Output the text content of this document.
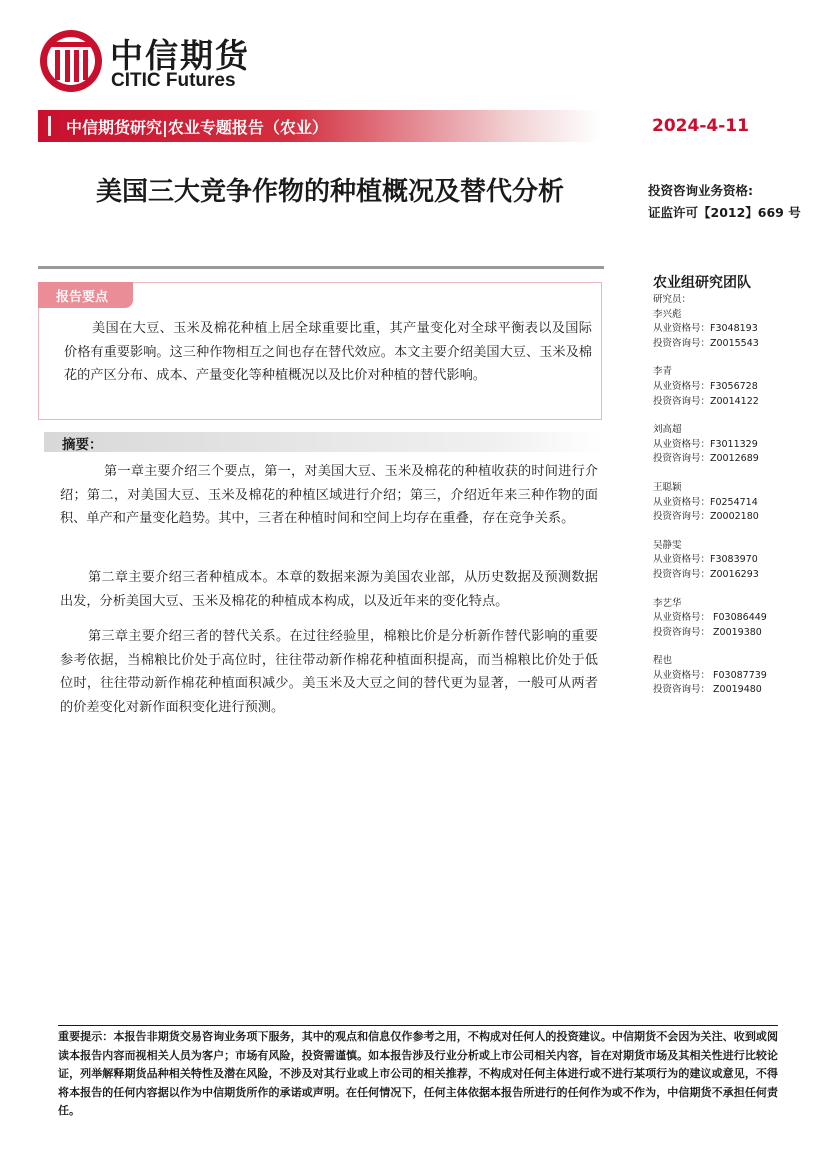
中信期货
CITIC Futures
中信期货研究|农业专题报告（农业）	2024-4-11
美国三大竞争作物的种植概况及替代分析	投资咨询业务资格:
证监许可【2012】669 号
农业组研究团队
报告要点

美国在大豆、玉米及棉花种植上居全球重要比重，其产量变化对全球平衡表以及国际价格有重要影响。这三种作物相互之间也存在替代效应。本文主要介绍美国大豆、玉米及棉花的产区分布、成本、产量变化等种植概况以及比价对种植的替代影响。

摘要：

第一章主要介绍三个要点，第一，对美国大豆、玉米及棉花的种植收获的时间进行介绍；第二，对美国大豆、玉米及棉花的种植区域进行介绍；第三，介绍近年来三种作物的面积、单产和产量变化趋势。其中，三者在种植时间和空间上均存在重叠，存在竞争关系。

第二章主要介绍三者种植成本。本章的数据来源为美国农业部，从历史数据及预测数据出发，分析美国大豆、玉米及棉花的种植成本构成，以及近年来的变化特点。

第三章主要介绍三者的替代关系。在过往经验里，棉粮比价是分析新作替代影响的重要参考依据，当棉粮比价处于高位时，往往带动新作棉花种植面积提高，而当棉粮比价处于低位时，往往带动新作棉花种植面积减少。美玉米及大豆之间的替代更为显著，一般可从两者的价差变化对新作面积变化进行预测。

研究员：
李兴彪
从业资格号：F3048193
投资咨询号：Z0015543
李青
从业资格号：F3056728
投资咨询号：Z0014122
刘高超
从业资格号：F3011329
投资咨询号：Z0012689
王聪颖
从业资格号：F0254714
投资咨询号：Z0002180
吴静雯
从业资格号：F3083970
投资咨询号：Z0016293
李艺华
从业资格号： F03086449
投资咨询号： Z0019380
程也
从业资格号： F03087739
投资咨询号： Z0019480

重要提示：本报告非期货交易咨询业务项下服务，其中的观点和信息仅作参考之用，不构成对任何人的投资建议。中信期货不会因为关注、收到或阅读本报告内容而视相关人员为客户；市场有风险，投资需谨慎。如本报告涉及行业分析或上市公司相关内容，旨在对期货市场及其相关性进行比较论证，列举解释期货品种相关特性及潜在风险，不涉及对其行业或上市公司的相关推荐，不构成对任何主体进行或不进行某项行为的建议或意见，不得将本报告的任何内容据以作为中信期货所作的承诺或声明。在任何情况下，任何主体依据本报告所进行的任何作为或不作为，中信期货不承担任何责任。
